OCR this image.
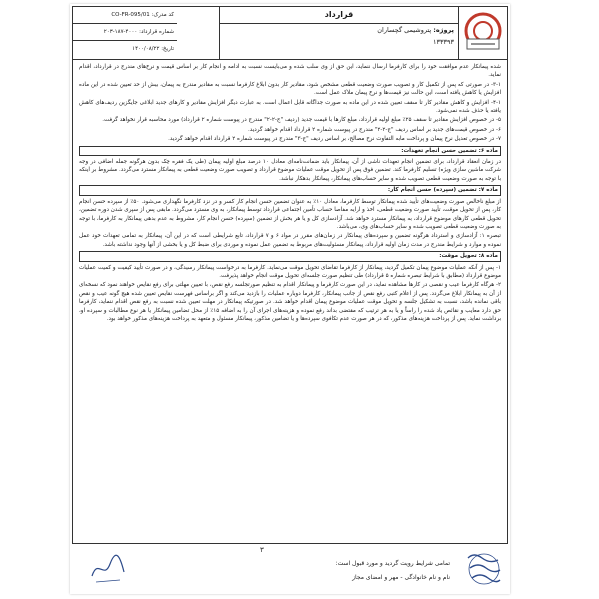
قرارداد
پروژه: پتروشیمی گچساران
۱۳۳۳۹۳
کد مدرک: CO-FR-095/01
شماره قرارداد: ۴۰۰۰-۱۸۷-۲۰۳
تاریخ: ۱۴۰۰/۰۸/۲۲

شده پیمانکار عدم موافقت خود را برای کارفرما ارسال ننماید، این حق از وی سلب شده و می‌بایست نسبت به ادامه و انجام کار بر اساس قیمت و نرخ‌های مندرج در قرارداد، اقدام نماید.

۳-۱- در صورتی که پس از تکمیل کار و تصویب صورت وضعیت قطعی مشخص شود، مقادیر کار بدون ابلاغ کارفرما نسبت به مقادیر مندرج به پیمان، بیش از حد تعیین شده در این ماده افزایش یا کاهش یافته است، این حالت نیز قیمت‌ها و نرخ پیمان ملاک عمل است.

۴-۱- افزایش و کاهش مقادیر کار تا سقف تعیین شده در این ماده به صورت جداگانه قابل اعمال است. به عبارت دیگر افزایش مقادیر و کارهای جدید ابلاغی جایگزین ردیف‌های کاهش یافته یا حذف شده نمی‌شود.

۵- در خصوص افزایش مقادیر تا سقف ۲۵٪ مبلغ اولیه قرارداد، مبلغ کارها با قیمت جدید (ردیف "ج-۲-۲" مندرج در پیوست شماره ۲ قرارداد) مورد محاسبه قرار نخواهد گرفت.

۶- در خصوص قیمت‌های جدید بر اساس ردیف "ج-۲-۲" مندرج در پیوست شماره ۲ قرارداد اقدام خواهد گردید.

۷- در خصوص تعدیل نرخ پیمان و پرداخت مابه التفاوت نرخ مصالح، بر اساس ردیف "ج-۳" مندرج در پیوست شماره ۲ قرارداد اقدام خواهد گردید.

ماده ۶: تضمین حسن انجام تعهدات:

در زمان انعقاد قرارداد، برای تضمین انجام تعهدات ناشی از آن، پیمانکار باید ضمانت‌نامه‌ای معادل ۱۰ درصد مبلغ اولیه پیمان (طی یک فقره چک بدون هرگونه جمله اضافی در وجه شرکت ماشین سازی ویژه) تسلیم کارفرما کند. تضمین فوق پس از تحویل موقت عملیات موضوع قرارداد و تصویب صورت وضعیت قطعی به پیمانکار مسترد می‌گردد. مشروط بر اینکه با توجه به صورت وضعیت قطعی تصویب شده و سایر حساب‌های پیمانکار، پیمانکار بدهکار نباشد.

ماده ۷: تضمین (سپرده) حسن انجام کار:

از مبلغ ناخالص صورت وضعیت‌های تأیید شده پیمانکار توسط کارفرما، معادل ۱۰٪ به عنوان تضمین حسن انجام کار کسر و در نزد کارفرما نگهداری می‌شود. ۵۰٪ از سپرده حسن انجام کار، پس از تحویل موقت، تأیید صورت وضعیت قطعی، اخذ و ارایه مفاصا حساب تأمین اجتماعی قرارداد توسط پیمانکار، به وی مسترد می‌گردد. مابقی پس از سپری شدن دوره تضمین، تحویل قطعی کارهای موضوع قرارداد، به پیمانکار مسترد خواهد شد. آزادسازی کل و یا هر بخش از تضمین (سپرده) حسن انجام کار، مشروط به عدم بدهی پیمانکار به کارفرما، با توجه به صورت وضعیت قطعی تصویب شده و سایر حساب‌های وی، می‌باشد.

تبصره ۱: آزادسازی و استرداد هرگونه تضمین و سپرده‌های پیمانکار در زمان‌های مقرر در مواد ۶ و ۷ قرارداد، تابع شرایطی است که در این آن، پیمانکار به تمامی تعهدات خود عمل نموده و موارد و شرایط مندرج در مدت زمان اولیه قرارداد، پیمانکار مسئولیت‌های مربوط به تضمین عمل نموده و موردی برای ضبط کل و یا بخشی از آنها وجود نداشته باشد.

ماده ۸: تحویل موقت:

۱- پس از آنکه عملیات موضوع پیمان تکمیل گردید، پیمانکار از کارفرما تقاضای تحویل موقت می‌نماید. کارفرما به درخواست پیمانکار رسیدگی، و در صورت تأیید کیفیت و کمیت عملیات موضوع قرارداد (مطابق با شرایط تبصره شماره ۵ قرارداد) طی تنظیم صورت جلسه‌ای تحویل موقت انجام خواهد پذیرفت.

۲- هرگاه کارفرما عیب و نقصی در کارها مشاهده نماید، در این صورت کارفرما و پیمانکار اقدام به تنظیم صورتجلسه رفع نقص، با تعیین مهلتی برای رفع نقایص خواهند نمود که نسخه‌ای از آن به پیمانکار ابلاغ می‌گردد. پس از اعلام کتبی رفع نقص از جانب پیمانکار، کارفرما دوباره عملیات را بازدید می‌کند و اگر براساس فهرست نقایص تعیین شده هیچ گونه عیب و نقص باقی نمانده باشد، نسبت به تشکیل جلسه و تحویل موقت عملیات موضوع پیمان اقدام خواهد شد. در صورتیکه پیمانکار در مهلت تعیین شده نسبت به رفع نقص اقدام ننماید، کارفرما حق دارد معایب و نقائص یاد شده را راساً و یا به هر ترتیب که مقتضی بداند رفع نموده و هزینه‌های اجرای آن را به اضافه ۱۵٪ از محل تضامین پیمانکار یا هر نوع مطالبات و سپرده او، برداشت نماید. پس از پرداخت هزینه‌های مذکور، که در هر صورت عدم تکافوی سپرده‌ها و یا تضامین مذکور، پیمانکار مسئول و متعهد به پرداخت هزینه‌های مذکور خواهد بود.

۳
تمامی شرایط رویت گردید و مورد قبول است:
نام و نام خانوادگی - مهر و امضای مجاز
